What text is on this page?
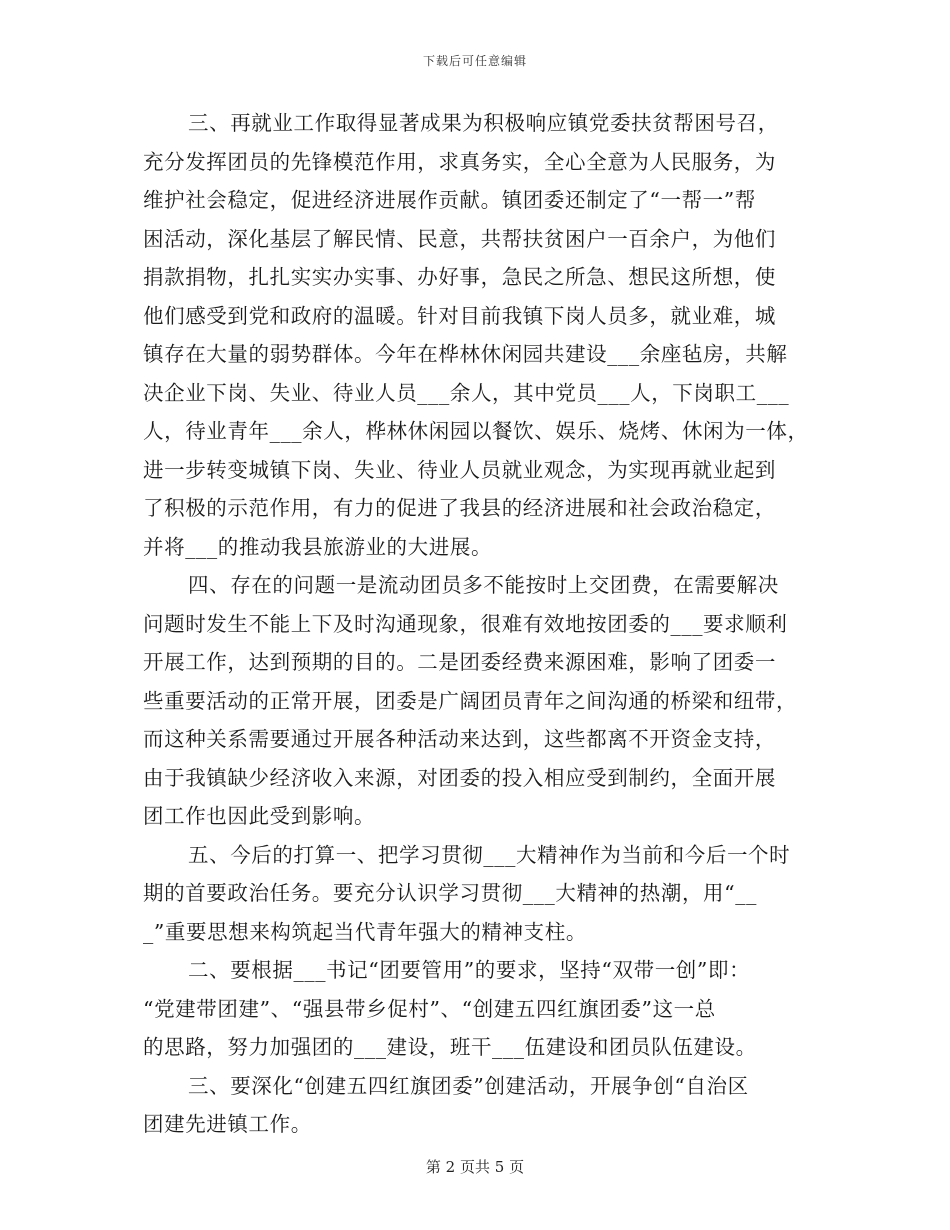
下载后可任意编辑
三、再就业工作取得显著成果为积极响应镇党委扶贫帮困号召，
充分发挥团员的先锋模范作用，求真务实，全心全意为人民服务，为
维护社会稳定，促进经济进展作贡献。镇团委还制定了“一帮一”帮
困活动，深化基层了解民情、民意，共帮扶贫困户一百余户，为他们
捐款捐物，扎扎实实办实事、办好事，急民之所急、想民这所想，使
他们感受到党和政府的温暖。针对目前我镇下岗人员多，就业难，城
镇存在大量的弱势群体。今年在桦林休闲园共建设___余座毡房，共解
决企业下岗、失业、待业人员___余人，其中党员___人，下岗职工___
人，待业青年___余人，桦林休闲园以餐饮、娱乐、烧烤、休闲为一体，
进一步转变城镇下岗、失业、待业人员就业观念，为实现再就业起到
了积极的示范作用，有力的促进了我县的经济进展和社会政治稳定，
并将___的推动我县旅游业的大进展。
四、存在的问题一是流动团员多不能按时上交团费，在需要解决
问题时发生不能上下及时沟通现象，很难有效地按团委的___要求顺利
开展工作，达到预期的目的。二是团委经费来源困难，影响了团委一
些重要活动的正常开展，团委是广阔团员青年之间沟通的桥梁和纽带，
而这种关系需要通过开展各种活动来达到，这些都离不开资金支持，
由于我镇缺少经济收入来源，对团委的投入相应受到制约，全面开展
团工作也因此受到影响。
五、今后的打算一、把学习贯彻___大精神作为当前和今后一个时
期的首要政治任务。要充分认识学习贯彻___大精神的热潮，用“__
_”重要思想来构筑起当代青年强大的精神支柱。
二、要根据___书记“团要管用”的要求，坚持“双带一创”即：
“党建带团建”、“强县带乡促村”、“创建五四红旗团委”这一总
的思路，努力加强团的___建设，班干___伍建设和团员队伍建设。
三、要深化“创建五四红旗团委”创建活动，开展争创“自治区
团建先进镇工作。
第 2 页共 5 页
